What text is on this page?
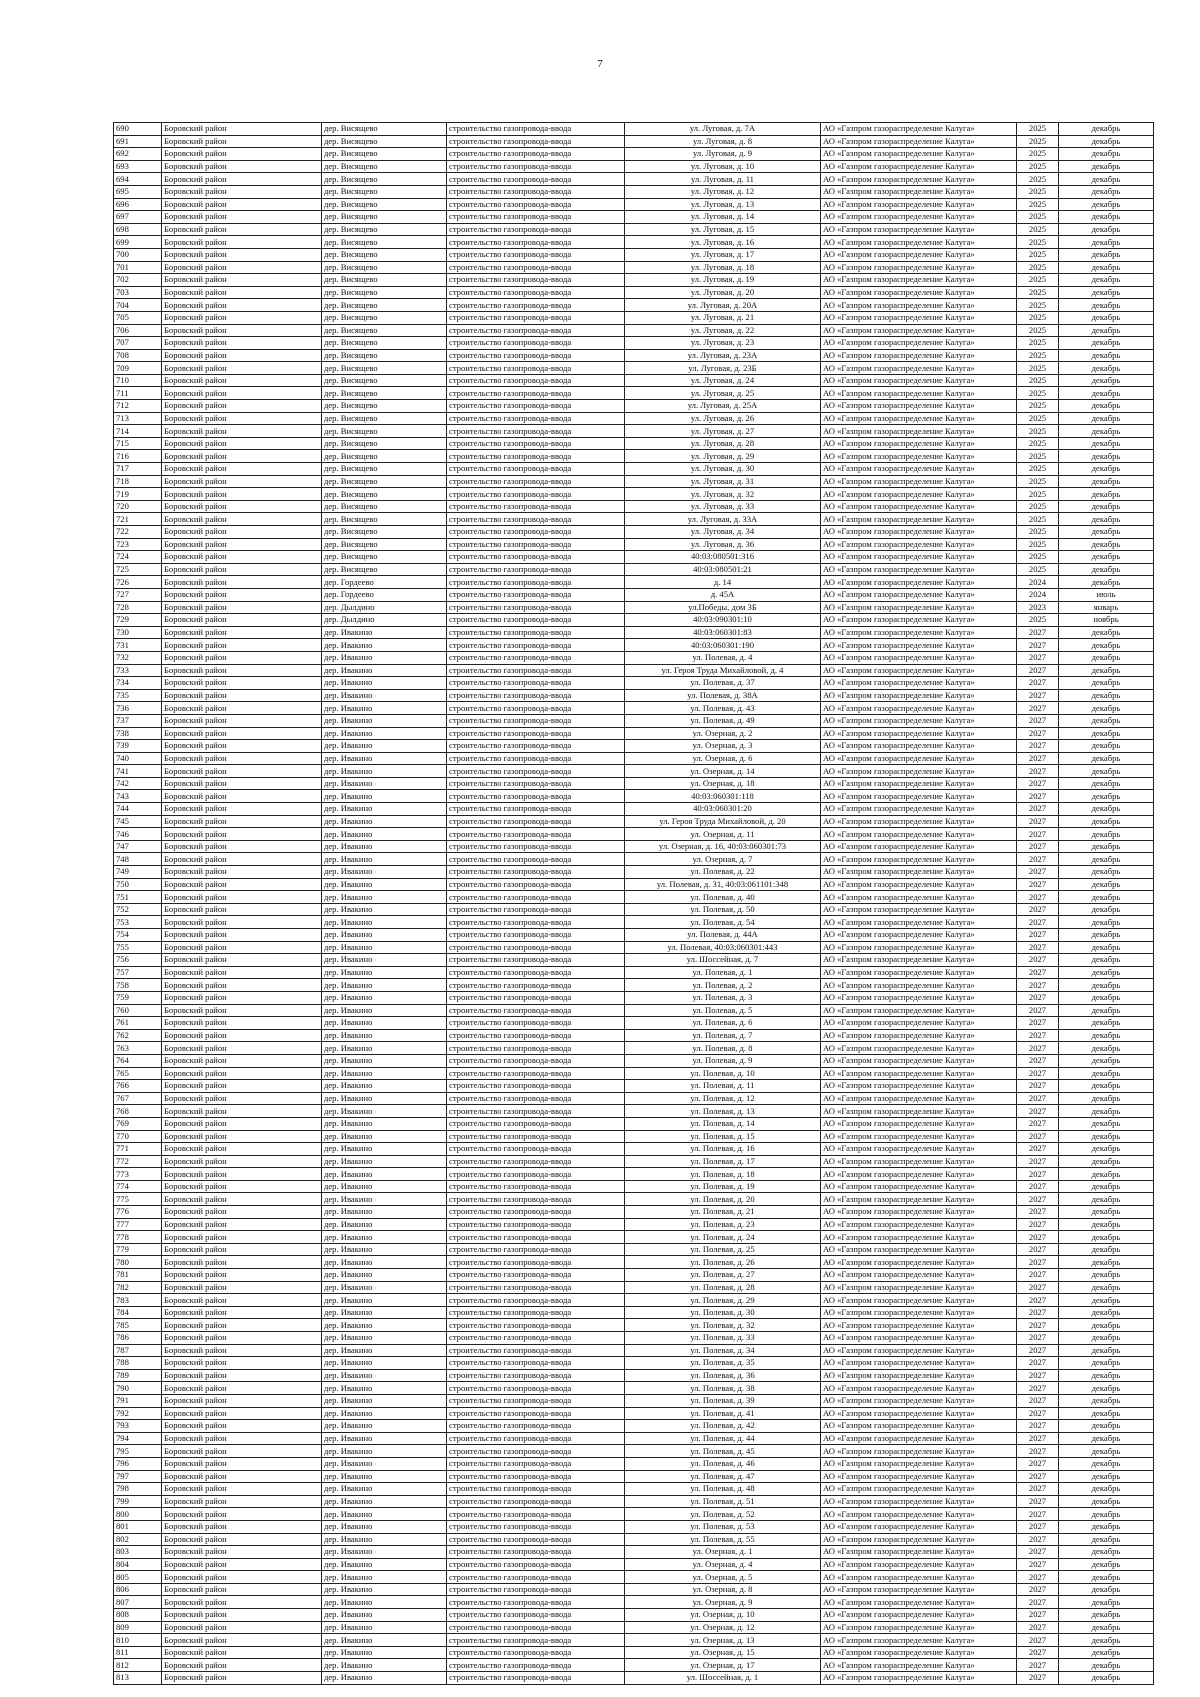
7
690	Боровский район	дер. Висящево	строительство газопровода-ввода	ул. Луговая, д. 7А	АО «Газпром газораспределение Калуга»	2025	декабрь
691	Боровский район	дер. Висящево	строительство газопровода-ввода	ул. Луговая, д. 8	АО «Газпром газораспределение Калуга»	2025	декабрь
692	Боровский район	дер. Висящево	строительство газопровода-ввода	ул. Луговая, д. 9	АО «Газпром газораспределение Калуга»	2025	декабрь
693	Боровский район	дер. Висящево	строительство газопровода-ввода	ул. Луговая, д. 10	АО «Газпром газораспределение Калуга»	2025	декабрь
694	Боровский район	дер. Висящево	строительство газопровода-ввода	ул. Луговая, д. 11	АО «Газпром газораспределение Калуга»	2025	декабрь
695	Боровский район	дер. Висящево	строительство газопровода-ввода	ул. Луговая, д. 12	АО «Газпром газораспределение Калуга»	2025	декабрь
696	Боровский район	дер. Висящево	строительство газопровода-ввода	ул. Луговая, д. 13	АО «Газпром газораспределение Калуга»	2025	декабрь
697	Боровский район	дер. Висящево	строительство газопровода-ввода	ул. Луговая, д. 14	АО «Газпром газораспределение Калуга»	2025	декабрь
698	Боровский район	дер. Висящево	строительство газопровода-ввода	ул. Луговая, д. 15	АО «Газпром газораспределение Калуга»	2025	декабрь
699	Боровский район	дер. Висящево	строительство газопровода-ввода	ул. Луговая, д. 16	АО «Газпром газораспределение Калуга»	2025	декабрь
700	Боровский район	дер. Висящево	строительство газопровода-ввода	ул. Луговая, д. 17	АО «Газпром газораспределение Калуга»	2025	декабрь
701	Боровский район	дер. Висящево	строительство газопровода-ввода	ул. Луговая, д. 18	АО «Газпром газораспределение Калуга»	2025	декабрь
702	Боровский район	дер. Висящево	строительство газопровода-ввода	ул. Луговая, д. 19	АО «Газпром газораспределение Калуга»	2025	декабрь
703	Боровский район	дер. Висящево	строительство газопровода-ввода	ул. Луговая, д. 20	АО «Газпром газораспределение Калуга»	2025	декабрь
704	Боровский район	дер. Висящево	строительство газопровода-ввода	ул. Луговая, д. 20А	АО «Газпром газораспределение Калуга»	2025	декабрь
705	Боровский район	дер. Висящево	строительство газопровода-ввода	ул. Луговая, д. 21	АО «Газпром газораспределение Калуга»	2025	декабрь
706	Боровский район	дер. Висящево	строительство газопровода-ввода	ул. Луговая, д. 22	АО «Газпром газораспределение Калуга»	2025	декабрь
707	Боровский район	дер. Висящево	строительство газопровода-ввода	ул. Луговая, д. 23	АО «Газпром газораспределение Калуга»	2025	декабрь
708	Боровский район	дер. Висящево	строительство газопровода-ввода	ул. Луговая, д. 23А	АО «Газпром газораспределение Калуга»	2025	декабрь
709	Боровский район	дер. Висящево	строительство газопровода-ввода	ул. Луговая, д. 23Б	АО «Газпром газораспределение Калуга»	2025	декабрь
710	Боровский район	дер. Висящево	строительство газопровода-ввода	ул. Луговая, д. 24	АО «Газпром газораспределение Калуга»	2025	декабрь
711	Боровский район	дер. Висящево	строительство газопровода-ввода	ул. Луговая, д. 25	АО «Газпром газораспределение Калуга»	2025	декабрь
712	Боровский район	дер. Висящево	строительство газопровода-ввода	ул. Луговая, д. 25А	АО «Газпром газораспределение Калуга»	2025	декабрь
713	Боровский район	дер. Висящево	строительство газопровода-ввода	ул. Луговая, д. 26	АО «Газпром газораспределение Калуга»	2025	декабрь
714	Боровский район	дер. Висящево	строительство газопровода-ввода	ул. Луговая, д. 27	АО «Газпром газораспределение Калуга»	2025	декабрь
715	Боровский район	дер. Висящево	строительство газопровода-ввода	ул. Луговая, д. 28	АО «Газпром газораспределение Калуга»	2025	декабрь
716	Боровский район	дер. Висящево	строительство газопровода-ввода	ул. Луговая, д. 29	АО «Газпром газораспределение Калуга»	2025	декабрь
717	Боровский район	дер. Висящево	строительство газопровода-ввода	ул. Луговая, д. 30	АО «Газпром газораспределение Калуга»	2025	декабрь
718	Боровский район	дер. Висящево	строительство газопровода-ввода	ул. Луговая, д. 31	АО «Газпром газораспределение Калуга»	2025	декабрь
719	Боровский район	дер. Висящево	строительство газопровода-ввода	ул. Луговая, д. 32	АО «Газпром газораспределение Калуга»	2025	декабрь
720	Боровский район	дер. Висящево	строительство газопровода-ввода	ул. Луговая, д. 33	АО «Газпром газораспределение Калуга»	2025	декабрь
721	Боровский район	дер. Висящево	строительство газопровода-ввода	ул. Луговая, д. 33А	АО «Газпром газораспределение Калуга»	2025	декабрь
722	Боровский район	дер. Висящево	строительство газопровода-ввода	ул. Луговая, д. 34	АО «Газпром газораспределение Калуга»	2025	декабрь
723	Боровский район	дер. Висящево	строительство газопровода-ввода	ул. Луговая, д. 36	АО «Газпром газораспределение Калуга»	2025	декабрь
724	Боровский район	дер. Висящево	строительство газопровода-ввода	40:03:080501:316	АО «Газпром газораспределение Калуга»	2025	декабрь
725	Боровский район	дер. Висящево	строительство газопровода-ввода	40:03:080501:21	АО «Газпром газораспределение Калуга»	2025	декабрь
726	Боровский район	дер. Гордеево	строительство газопровода-ввода	д. 14	АО «Газпром газораспределение Калуга»	2024	декабрь
727	Боровский район	дер. Гордеево	строительство газопровода-ввода	д. 45А	АО «Газпром газораспределение Калуга»	2024	июль
728	Боровский район	дер. Дылдино	строительство газопровода-ввода	ул.Победы, дом 3Б	АО «Газпром газораспределение Калуга»	2023	январь
729	Боровский район	дер. Дылдино	строительство газопровода-ввода	40:03:090301:10	АО «Газпром газораспределение Калуга»	2025	ноябрь
730	Боровский район	дер. Ивакино	строительство газопровода-ввода	40:03:060301:83	АО «Газпром газораспределение Калуга»	2027	декабрь
731	Боровский район	дер. Ивакино	строительство газопровода-ввода	40:03:060301:190	АО «Газпром газораспределение Калуга»	2027	декабрь
732	Боровский район	дер. Ивакино	строительство газопровода-ввода	ул. Полевая, д. 4	АО «Газпром газораспределение Калуга»	2027	декабрь
733	Боровский район	дер. Ивакино	строительство газопровода-ввода	ул. Героя Труда Михайловой, д. 4	АО «Газпром газораспределение Калуга»	2027	декабрь
734	Боровский район	дер. Ивакино	строительство газопровода-ввода	ул. Полевая, д. 37	АО «Газпром газораспределение Калуга»	2027	декабрь
735	Боровский район	дер. Ивакино	строительство газопровода-ввода	ул. Полевая, д. 38А	АО «Газпром газораспределение Калуга»	2027	декабрь
736	Боровский район	дер. Ивакино	строительство газопровода-ввода	ул. Полевая, д. 43	АО «Газпром газораспределение Калуга»	2027	декабрь
737	Боровский район	дер. Ивакино	строительство газопровода-ввода	ул. Полевая, д. 49	АО «Газпром газораспределение Калуга»	2027	декабрь
738	Боровский район	дер. Ивакино	строительство газопровода-ввода	ул. Озерная, д. 2	АО «Газпром газораспределение Калуга»	2027	декабрь
739	Боровский район	дер. Ивакино	строительство газопровода-ввода	ул. Озерная, д. 3	АО «Газпром газораспределение Калуга»	2027	декабрь
740	Боровский район	дер. Ивакино	строительство газопровода-ввода	ул. Озерная, д. 6	АО «Газпром газораспределение Калуга»	2027	декабрь
741	Боровский район	дер. Ивакино	строительство газопровода-ввода	ул. Озерная, д. 14	АО «Газпром газораспределение Калуга»	2027	декабрь
742	Боровский район	дер. Ивакино	строительство газопровода-ввода	ул. Озерная, д. 18	АО «Газпром газораспределение Калуга»	2027	декабрь
743	Боровский район	дер. Ивакино	строительство газопровода-ввода	40:03:060301:118	АО «Газпром газораспределение Калуга»	2027	декабрь
744	Боровский район	дер. Ивакино	строительство газопровода-ввода	40:03:060301:20	АО «Газпром газораспределение Калуга»	2027	декабрь
745	Боровский район	дер. Ивакино	строительство газопровода-ввода	ул. Героя Труда Михайловой, д. 20	АО «Газпром газораспределение Калуга»	2027	декабрь
746	Боровский район	дер. Ивакино	строительство газопровода-ввода	ул. Озерная, д. 11	АО «Газпром газораспределение Калуга»	2027	декабрь
747	Боровский район	дер. Ивакино	строительство газопровода-ввода	ул. Озерная, д. 16, 40:03:060301:73	АО «Газпром газораспределение Калуга»	2027	декабрь
748	Боровский район	дер. Ивакино	строительство газопровода-ввода	ул. Озерная, д. 7	АО «Газпром газораспределение Калуга»	2027	декабрь
749	Боровский район	дер. Ивакино	строительство газопровода-ввода	ул. Полевая, д. 22	АО «Газпром газораспределение Калуга»	2027	декабрь
750	Боровский район	дер. Ивакино	строительство газопровода-ввода	ул. Полевая, д. 31, 40:03:061101:348	АО «Газпром газораспределение Калуга»	2027	декабрь
751	Боровский район	дер. Ивакино	строительство газопровода-ввода	ул. Полевая, д. 40	АО «Газпром газораспределение Калуга»	2027	декабрь
752	Боровский район	дер. Ивакино	строительство газопровода-ввода	ул. Полевая, д. 50	АО «Газпром газораспределение Калуга»	2027	декабрь
753	Боровский район	дер. Ивакино	строительство газопровода-ввода	ул. Полевая, д. 54	АО «Газпром газораспределение Калуга»	2027	декабрь
754	Боровский район	дер. Ивакино	строительство газопровода-ввода	ул. Полевая, д. 44А	АО «Газпром газораспределение Калуга»	2027	декабрь
755	Боровский район	дер. Ивакино	строительство газопровода-ввода	ул. Полевая, 40:03:060301:443	АО «Газпром газораспределение Калуга»	2027	декабрь
756	Боровский район	дер. Ивакино	строительство газопровода-ввода	ул. Шоссейная, д. 7	АО «Газпром газораспределение Калуга»	2027	декабрь
757	Боровский район	дер. Ивакино	строительство газопровода-ввода	ул. Полевая, д. 1	АО «Газпром газораспределение Калуга»	2027	декабрь
758	Боровский район	дер. Ивакино	строительство газопровода-ввода	ул. Полевая, д. 2	АО «Газпром газораспределение Калуга»	2027	декабрь
759	Боровский район	дер. Ивакино	строительство газопровода-ввода	ул. Полевая, д. 3	АО «Газпром газораспределение Калуга»	2027	декабрь
760	Боровский район	дер. Ивакино	строительство газопровода-ввода	ул. Полевая, д. 5	АО «Газпром газораспределение Калуга»	2027	декабрь
761	Боровский район	дер. Ивакино	строительство газопровода-ввода	ул. Полевая, д. 6	АО «Газпром газораспределение Калуга»	2027	декабрь
762	Боровский район	дер. Ивакино	строительство газопровода-ввода	ул. Полевая, д. 7	АО «Газпром газораспределение Калуга»	2027	декабрь
763	Боровский район	дер. Ивакино	строительство газопровода-ввода	ул. Полевая, д. 8	АО «Газпром газораспределение Калуга»	2027	декабрь
764	Боровский район	дер. Ивакино	строительство газопровода-ввода	ул. Полевая, д. 9	АО «Газпром газораспределение Калуга»	2027	декабрь
765	Боровский район	дер. Ивакино	строительство газопровода-ввода	ул. Полевая, д. 10	АО «Газпром газораспределение Калуга»	2027	декабрь
766	Боровский район	дер. Ивакино	строительство газопровода-ввода	ул. Полевая, д. 11	АО «Газпром газораспределение Калуга»	2027	декабрь
767	Боровский район	дер. Ивакино	строительство газопровода-ввода	ул. Полевая, д. 12	АО «Газпром газораспределение Калуга»	2027	декабрь
768	Боровский район	дер. Ивакино	строительство газопровода-ввода	ул. Полевая, д. 13	АО «Газпром газораспределение Калуга»	2027	декабрь
769	Боровский район	дер. Ивакино	строительство газопровода-ввода	ул. Полевая, д. 14	АО «Газпром газораспределение Калуга»	2027	декабрь
770	Боровский район	дер. Ивакино	строительство газопровода-ввода	ул. Полевая, д. 15	АО «Газпром газораспределение Калуга»	2027	декабрь
771	Боровский район	дер. Ивакино	строительство газопровода-ввода	ул. Полевая, д. 16	АО «Газпром газораспределение Калуга»	2027	декабрь
772	Боровский район	дер. Ивакино	строительство газопровода-ввода	ул. Полевая, д. 17	АО «Газпром газораспределение Калуга»	2027	декабрь
773	Боровский район	дер. Ивакино	строительство газопровода-ввода	ул. Полевая, д. 18	АО «Газпром газораспределение Калуга»	2027	декабрь
774	Боровский район	дер. Ивакино	строительство газопровода-ввода	ул. Полевая, д. 19	АО «Газпром газораспределение Калуга»	2027	декабрь
775	Боровский район	дер. Ивакино	строительство газопровода-ввода	ул. Полевая, д. 20	АО «Газпром газораспределение Калуга»	2027	декабрь
776	Боровский район	дер. Ивакино	строительство газопровода-ввода	ул. Полевая, д. 21	АО «Газпром газораспределение Калуга»	2027	декабрь
777	Боровский район	дер. Ивакино	строительство газопровода-ввода	ул. Полевая, д. 23	АО «Газпром газораспределение Калуга»	2027	декабрь
778	Боровский район	дер. Ивакино	строительство газопровода-ввода	ул. Полевая, д. 24	АО «Газпром газораспределение Калуга»	2027	декабрь
779	Боровский район	дер. Ивакино	строительство газопровода-ввода	ул. Полевая, д. 25	АО «Газпром газораспределение Калуга»	2027	декабрь
780	Боровский район	дер. Ивакино	строительство газопровода-ввода	ул. Полевая, д. 26	АО «Газпром газораспределение Калуга»	2027	декабрь
781	Боровский район	дер. Ивакино	строительство газопровода-ввода	ул. Полевая, д. 27	АО «Газпром газораспределение Калуга»	2027	декабрь
782	Боровский район	дер. Ивакино	строительство газопровода-ввода	ул. Полевая, д. 28	АО «Газпром газораспределение Калуга»	2027	декабрь
783	Боровский район	дер. Ивакино	строительство газопровода-ввода	ул. Полевая, д. 29	АО «Газпром газораспределение Калуга»	2027	декабрь
784	Боровский район	дер. Ивакино	строительство газопровода-ввода	ул. Полевая, д. 30	АО «Газпром газораспределение Калуга»	2027	декабрь
785	Боровский район	дер. Ивакино	строительство газопровода-ввода	ул. Полевая, д. 32	АО «Газпром газораспределение Калуга»	2027	декабрь
786	Боровский район	дер. Ивакино	строительство газопровода-ввода	ул. Полевая, д. 33	АО «Газпром газораспределение Калуга»	2027	декабрь
787	Боровский район	дер. Ивакино	строительство газопровода-ввода	ул. Полевая, д. 34	АО «Газпром газораспределение Калуга»	2027	декабрь
788	Боровский район	дер. Ивакино	строительство газопровода-ввода	ул. Полевая, д. 35	АО «Газпром газораспределение Калуга»	2027	декабрь
789	Боровский район	дер. Ивакино	строительство газопровода-ввода	ул. Полевая, д. 36	АО «Газпром газораспределение Калуга»	2027	декабрь
790	Боровский район	дер. Ивакино	строительство газопровода-ввода	ул. Полевая, д. 38	АО «Газпром газораспределение Калуга»	2027	декабрь
791	Боровский район	дер. Ивакино	строительство газопровода-ввода	ул. Полевая, д. 39	АО «Газпром газораспределение Калуга»	2027	декабрь
792	Боровский район	дер. Ивакино	строительство газопровода-ввода	ул. Полевая, д. 41	АО «Газпром газораспределение Калуга»	2027	декабрь
793	Боровский район	дер. Ивакино	строительство газопровода-ввода	ул. Полевая, д. 42	АО «Газпром газораспределение Калуга»	2027	декабрь
794	Боровский район	дер. Ивакино	строительство газопровода-ввода	ул. Полевая, д. 44	АО «Газпром газораспределение Калуга»	2027	декабрь
795	Боровский район	дер. Ивакино	строительство газопровода-ввода	ул. Полевая, д. 45	АО «Газпром газораспределение Калуга»	2027	декабрь
796	Боровский район	дер. Ивакино	строительство газопровода-ввода	ул. Полевая, д. 46	АО «Газпром газораспределение Калуга»	2027	декабрь
797	Боровский район	дер. Ивакино	строительство газопровода-ввода	ул. Полевая, д. 47	АО «Газпром газораспределение Калуга»	2027	декабрь
798	Боровский район	дер. Ивакино	строительство газопровода-ввода	ул. Полевая, д. 48	АО «Газпром газораспределение Калуга»	2027	декабрь
799	Боровский район	дер. Ивакино	строительство газопровода-ввода	ул. Полевая, д. 51	АО «Газпром газораспределение Калуга»	2027	декабрь
800	Боровский район	дер. Ивакино	строительство газопровода-ввода	ул. Полевая, д. 52	АО «Газпром газораспределение Калуга»	2027	декабрь
801	Боровский район	дер. Ивакино	строительство газопровода-ввода	ул. Полевая, д. 53	АО «Газпром газораспределение Калуга»	2027	декабрь
802	Боровский район	дер. Ивакино	строительство газопровода-ввода	ул. Полевая, д. 55	АО «Газпром газораспределение Калуга»	2027	декабрь
803	Боровский район	дер. Ивакино	строительство газопровода-ввода	ул. Озерная, д. 1	АО «Газпром газораспределение Калуга»	2027	декабрь
804	Боровский район	дер. Ивакино	строительство газопровода-ввода	ул. Озерная, д. 4	АО «Газпром газораспределение Калуга»	2027	декабрь
805	Боровский район	дер. Ивакино	строительство газопровода-ввода	ул. Озерная, д. 5	АО «Газпром газораспределение Калуга»	2027	декабрь
806	Боровский район	дер. Ивакино	строительство газопровода-ввода	ул. Озерная, д. 8	АО «Газпром газораспределение Калуга»	2027	декабрь
807	Боровский район	дер. Ивакино	строительство газопровода-ввода	ул. Озерная, д. 9	АО «Газпром газораспределение Калуга»	2027	декабрь
808	Боровский район	дер. Ивакино	строительство газопровода-ввода	ул. Озерная, д. 10	АО «Газпром газораспределение Калуга»	2027	декабрь
809	Боровский район	дер. Ивакино	строительство газопровода-ввода	ул. Озерная, д. 12	АО «Газпром газораспределение Калуга»	2027	декабрь
810	Боровский район	дер. Ивакино	строительство газопровода-ввода	ул. Озерная, д. 13	АО «Газпром газораспределение Калуга»	2027	декабрь
811	Боровский район	дер. Ивакино	строительство газопровода-ввода	ул. Озерная, д. 15	АО «Газпром газораспределение Калуга»	2027	декабрь
812	Боровский район	дер. Ивакино	строительство газопровода-ввода	ул. Озерная, д. 17	АО «Газпром газораспределение Калуга»	2027	декабрь
813	Боровский район	дер. Ивакино	строительство газопровода-ввода	ул. Шоссейная, д. 1	АО «Газпром газораспределение Калуга»	2027	декабрь
